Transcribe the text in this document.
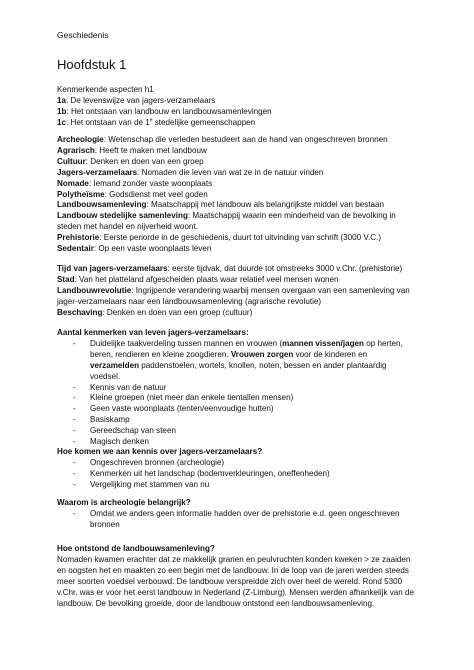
Geschiedenis
Hoofdstuk 1

Kenmerkende aspecten h1

1a: De levenswijze van jagers-verzamelaars

1b: Het ontstaan van landbouw en landbouwsamenlevingen

1c: Het ontstaan van de 1e stedelijke gemeenschappen

Archeologie: Wetenschap die verleden bestudeert aan de hand van ongeschreven bronnen

Agrarisch: Heeft te maken met landbouw

Cultuur: Denken en doen van een groep

Jagers-verzamelaars: Nomaden die leven van wat ze in de natuur vinden

Nomade: Iemand zonder vaste woonplaats

Polytheïsme: Godsdienst met veel goden

Landbouwsamenleving: Maatschappij met landbouw als belangrijkste middel van bestaan

Landbouw stedelijke samenleving: Maatschappij waarin een minderheid van de bevolking in steden met handel en nijverheid woont.

Prehistorie: Eerste periorde in de geschiedenis, duurt tot uitvinding van schrift (3000 V.C.)

Sedentair: Op een vaste woonplaats leven

Tijd van jagers-verzamelaars: eerste tijdvak, dat duurde tot omstreeks 3000 v.Chr. (prehistorie)

Stad: Van het platteland afgescheiden plaats waar relatief veel mensen wonen

Landbouwrevolutie: Ingrijpende verandering waarbij mensen overgaan van een samenleving van jager-verzamelaars naar een landbouwsamenleving (agrarische revolutie)

Beschaving: Denken en doen van een groep (cultuur)

Aantal kenmerken van leven jagers-verzamelaars:

- Duidelijke taakverdeling tussen mannen en vrouwen (mannen vissen/jagen op herten, beren, rendieren en kleine zoogdieren. Vrouwen zorgen voor de kinderen en verzamelden paddenstoelen, wortels, knollen, noten, bessen en ander plantaardig voedsel.
- Kennis van de natuur
- Kleine groepen (niet meer dan enkele tientallen mensen)
- Geen vaste woonplaats (tenten/eenvoudige hutten)
- Basiskamp
- Gereedschap van steen
- Magisch denken

Hoe komen we aan kennis over jagers-verzamelaars?

- Ongeschreven bronnen (archeologie)
- Kenmerken uit het landschap (bodemverkleuringen, oneffenheden)
- Vergelijking met stammen van nu

Waarom is archeologie belangrijk?

- Omdat we anders geen informatie hadden over de prehistorie e.d. geen ongeschreven bronnen

Hoe ontstond de landbouwsamenleving?

Nomaden kwamen erachter dat ze makkelijk granen en peulvruchten konden kweken > ze zaaiden en oogsten het en maakten zo een begin met de landbouw. In de loop van de jaren werden steeds meer soorten voedsel verbouwd. De landbouw verspreidde zich over heel de wereld. Rond 5300 v.Chr. was er voor het eerst landbouw in Nederland (Z-Limburg). Mensen werden afhankelijk van de landbouw. De bevolking groeide, door de landbouw ontstond een landbouwsamenleving.
